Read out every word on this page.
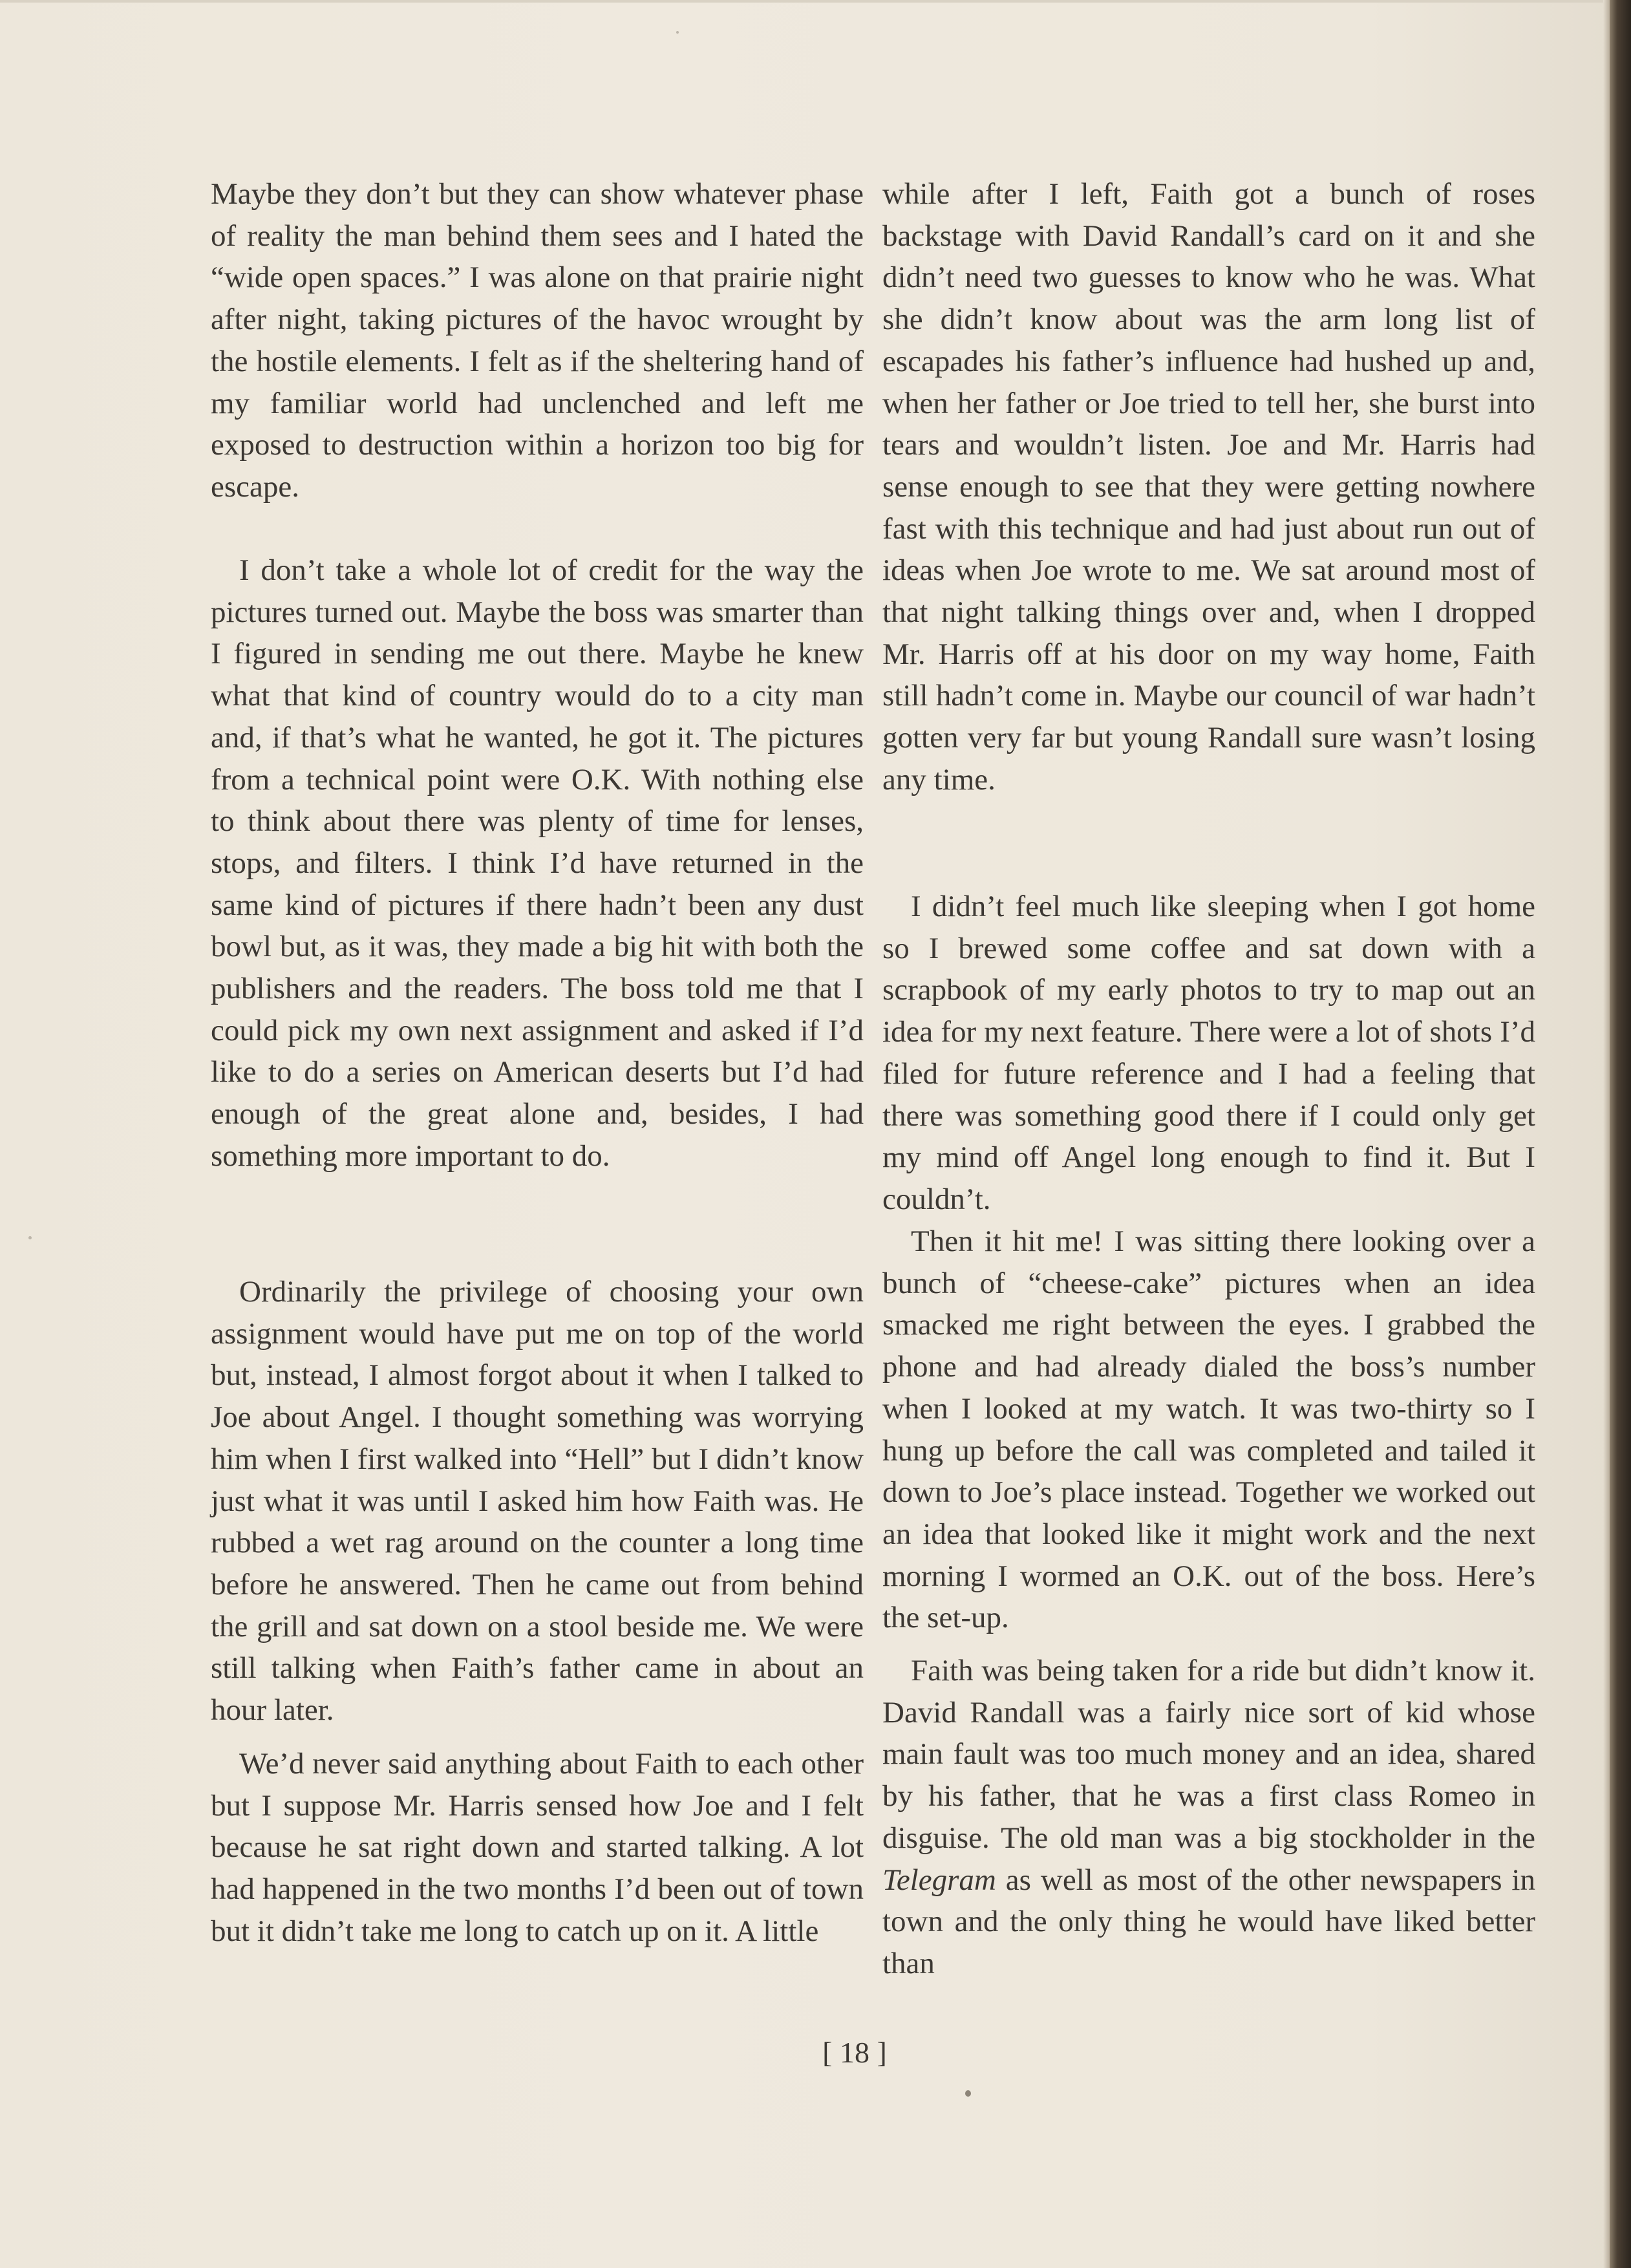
Maybe they don’t but they can show whatever phase of reality the man behind them sees and I hated the “wide open spaces.” I was alone on that prairie night after night, taking pictures of the havoc wrought by the hostile elements. I felt as if the sheltering hand of my familiar world had unclenched and left me exposed to destruction within a horizon too big for escape.

I don’t take a whole lot of credit for the way the pictures turned out. Maybe the boss was smarter than I figured in sending me out there. Maybe he knew what that kind of country would do to a city man and, if that’s what he wanted, he got it. The pictures from a technical point were O.K. With nothing else to think about there was plenty of time for lenses, stops, and filters. I think I’d have returned in the same kind of pictures if there hadn’t been any dust bowl but, as it was, they made a big hit with both the publishers and the readers. The boss told me that I could pick my own next assignment and asked if I’d like to do a series on American deserts but I’d had enough of the great alone and, besides, I had something more important to do.

Ordinarily the privilege of choosing your own assignment would have put me on top of the world but, instead, I almost forgot about it when I talked to Joe about Angel. I thought something was worrying him when I first walked into “Hell” but I didn’t know just what it was until I asked him how Faith was. He rubbed a wet rag around on the counter a long time before he answered. Then he came out from behind the grill and sat down on a stool beside me. We were still talking when Faith’s father came in about an hour later.

We’d never said anything about Faith to each other but I suppose Mr. Harris sensed how Joe and I felt because he sat right down and started talking. A lot had happened in the two months I’d been out of town but it didn’t take me long to catch up on it. A little

while after I left, Faith got a bunch of roses backstage with David Randall’s card on it and she didn’t need two guesses to know who he was. What she didn’t know about was the arm long list of escapades his father’s influence had hushed up and, when her father or Joe tried to tell her, she burst into tears and wouldn’t listen. Joe and Mr. Harris had sense enough to see that they were getting nowhere fast with this technique and had just about run out of ideas when Joe wrote to me. We sat around most of that night talking things over and, when I dropped Mr. Harris off at his door on my way home, Faith still hadn’t come in. Maybe our council of war hadn’t gotten very far but young Randall sure wasn’t losing any time.

I didn’t feel much like sleeping when I got home so I brewed some coffee and sat down with a scrapbook of my early photos to try to map out an idea for my next feature. There were a lot of shots I’d filed for future reference and I had a feeling that there was something good there if I could only get my mind off Angel long enough to find it. But I couldn’t.

Then it hit me! I was sitting there looking over a bunch of “cheese-cake” pictures when an idea smacked me right between the eyes. I grabbed the phone and had already dialed the boss’s number when I looked at my watch. It was two-thirty so I hung up before the call was completed and tailed it down to Joe’s place instead. Together we worked out an idea that looked like it might work and the next morning I wormed an O.K. out of the boss. Here’s the set-up.

Faith was being taken for a ride but didn’t know it. David Randall was a fairly nice sort of kid whose main fault was too much money and an idea, shared by his father, that he was a first class Romeo in disguise. The old man was a big stockholder in the Telegram as well as most of the other newspapers in town and the only thing he would have liked better than

[ 18 ]
